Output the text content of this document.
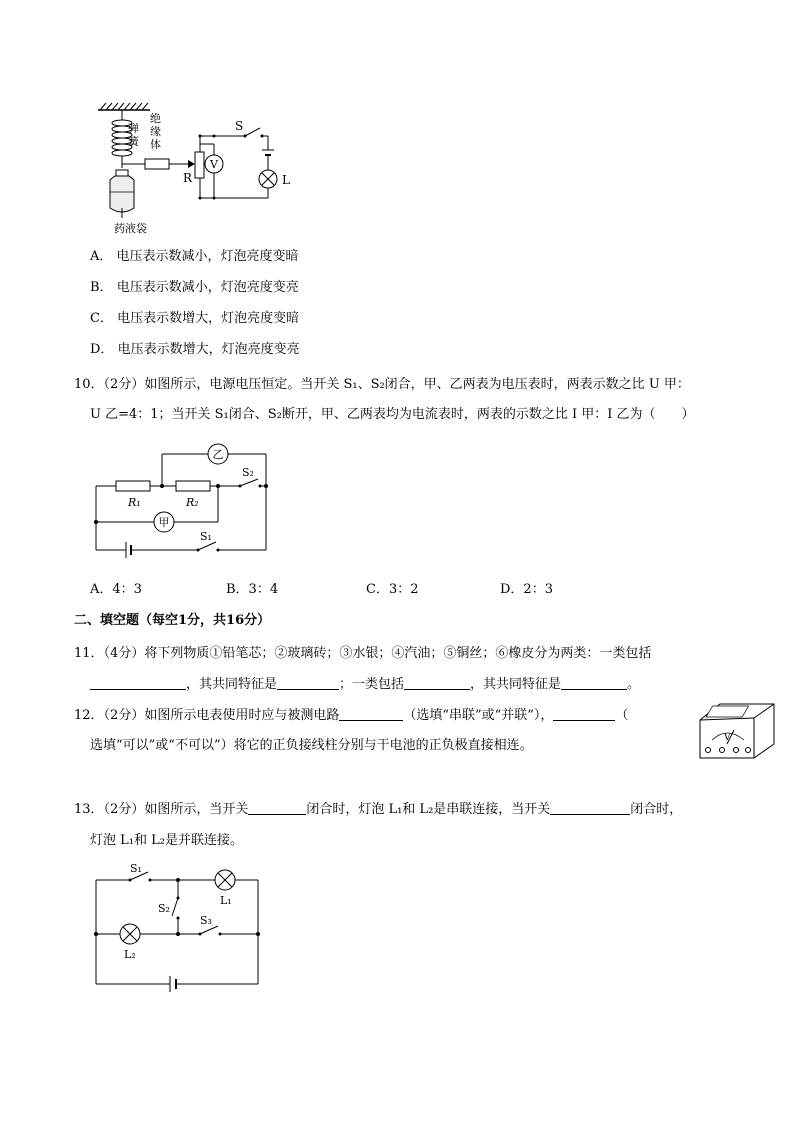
V
S
R	L
弹
簧
绝
缘
体
药液袋
A． 电压表示数减小，灯泡亮度变暗
B． 电压表示数减小，灯泡亮度变亮
C． 电压表示数增大，灯泡亮度变暗
D． 电压表示数增大，灯泡亮度变亮
10．（2分）如图所示，电源电压恒定。当开关 S₁、S₂闭合，甲、乙两表为电压表时，两表示数之比 U 甲：
U 乙=4：1；当开关 S₁闭合、S₂断开，甲、乙两表均为电流表时，两表的示数之比 I 甲：I 乙为（　　）
乙
甲
R₁	R₂
S₂
S₁
A．4：3	B．3：4	C．3：2	D．2：3
二、填空题（每空1分，共16分）
11．（4分）将下列物质①铅笔芯；②玻璃砖；③水银；④汽油；⑤铜丝；⑥橡皮分为两类：一类包括
，其共同特征是	；一类包括	，其共同特征是	。
12．（2分）如图所示电表使用时应与被测电路	（选填“串联”或“并联”），	（
选填“可以”或“不可以”）将它的正负接线柱分别与干电池的正负极直接相连。	V
13．（2分）如图所示，当开关	闭合时，灯泡 L₁和 L₂是串联连接，当开关	闭合时，
灯泡 L₁和 L₂是并联连接。
S₁
S₂
S₃
L₁
L₂
